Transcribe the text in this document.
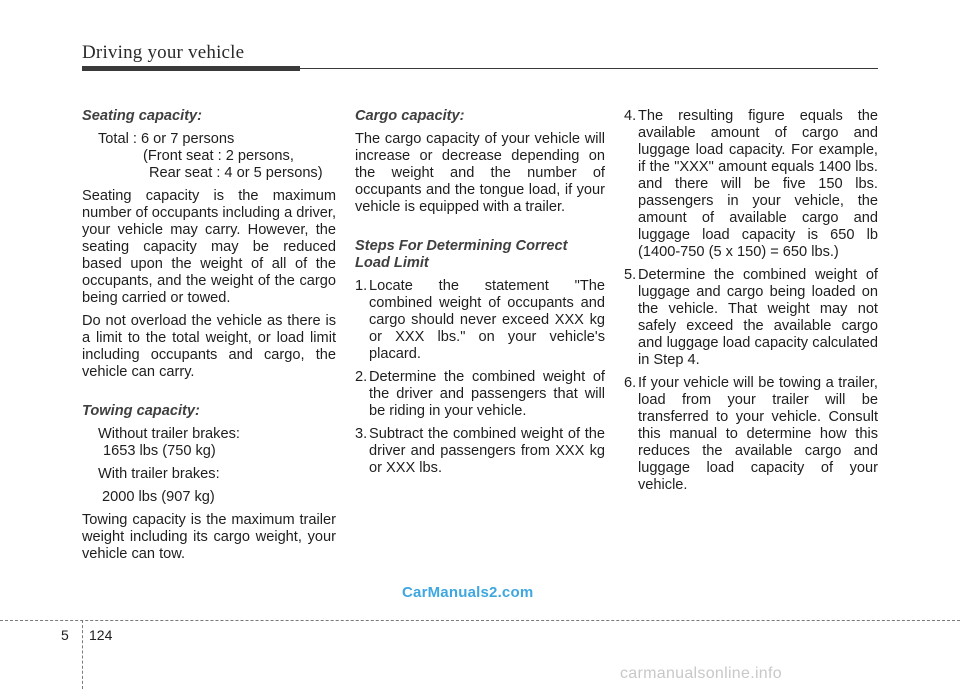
Driving your vehicle
Seating capacity:

Total : 6 or 7 persons

(Front seat : 2 persons,

Rear seat : 4 or 5 persons)

Seating capacity is the maximum number of occupants including a driver, your vehicle may carry. However, the seating capacity may be reduced based upon the weight of all of the occupants, and the weight of the cargo being carried or towed.

Do not overload the vehicle as there is a limit to the total weight, or load limit including occupants and cargo, the vehicle can carry.

Towing capacity:

Without trailer brakes:

1653 lbs (750 kg)

With trailer brakes:

2000 lbs (907 kg)

Towing capacity is the maximum trailer weight including its cargo weight, your vehicle can tow.

Cargo capacity:

The cargo capacity of your vehicle will increase or decrease depending on the weight and the number of occupants and the tongue load, if your vehicle is equipped with a trailer.

Steps For Determining Correct Load Limit
1. Locate the statement "The combined weight of occupants and cargo should never exceed XXX kg or XXX lbs." on your vehicle's placard.
2. Determine the combined weight of the driver and passengers that will be riding in your vehicle.
3. Subtract the combined weight of the driver and passengers from XXX kg or XXX lbs.
4. The resulting figure equals the available amount of cargo and luggage load capacity. For example, if the "XXX" amount equals 1400 lbs. and there will be five 150 lbs. passengers in your vehicle, the amount of available cargo and luggage load capacity is 650 lb (1400-750 (5 x 150) = 650 lbs.)
5. Determine the combined weight of luggage and cargo being loaded on the vehicle. That weight may not safely exceed the available cargo and luggage load capacity calculated in Step 4.
6. If your vehicle will be towing a trailer, load from your trailer will be transferred to your vehicle. Consult this manual to determine how this reduces the available cargo and luggage load capacity of your vehicle.
CarManuals2.com
5 124
carmanualsonline.info
